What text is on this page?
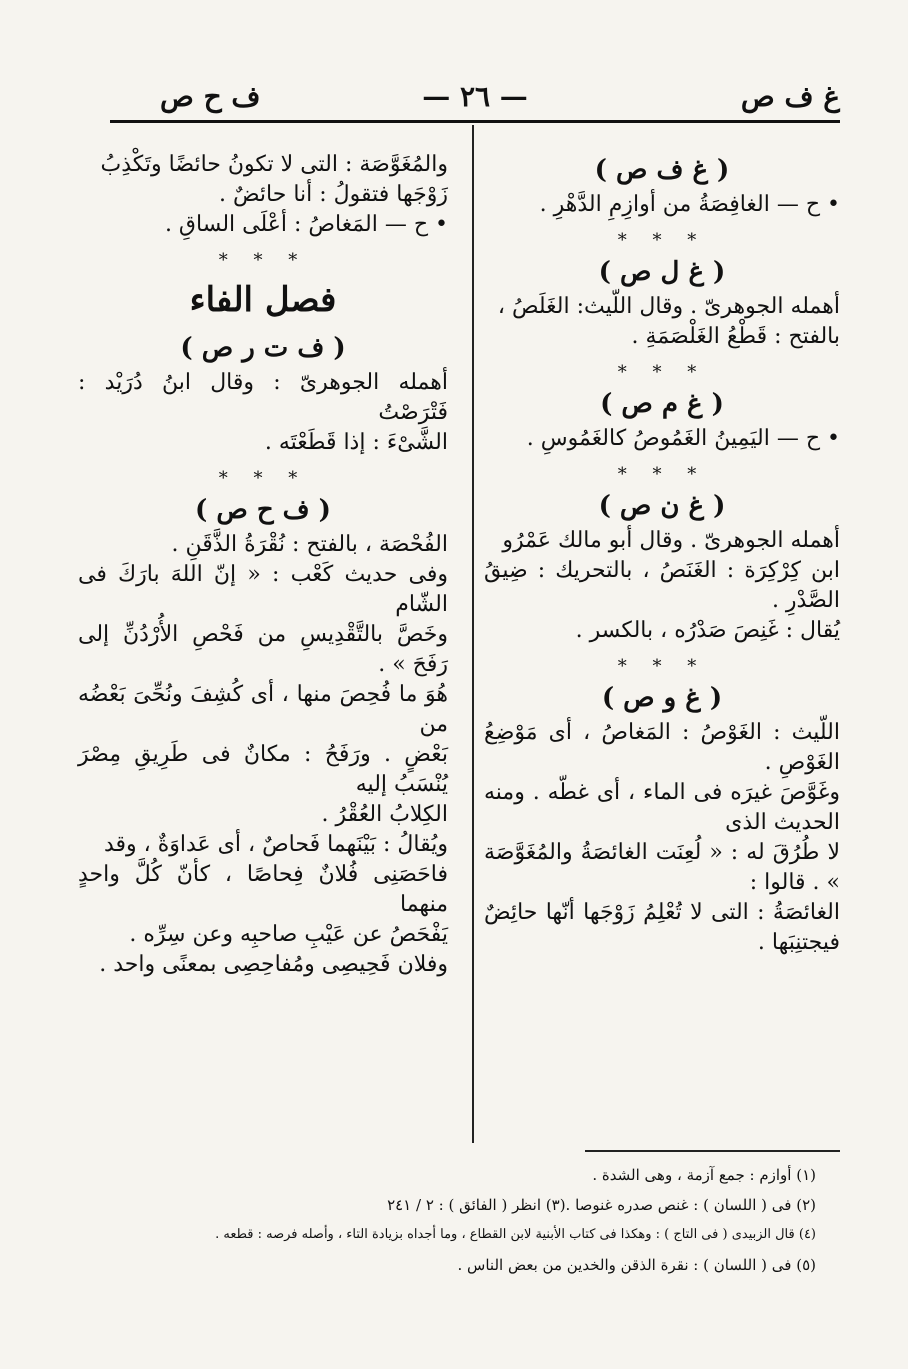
غ ف ص
— ٢٦ —
ف ح ص

( غ ف ص )

• ح — الغافِصَةُ من أوازِمِ الدَّهْرِ .

* * *

( غ ل ص )

أهمله الجوهرىّ . وقال اللّيث: الغَلَصُ ،

بالفتح : قَطْعُ الغَلْصَمَةِ .

* * *

( غ م ص )

• ح — اليَمِينُ الغَمُوصُ كالغَمُوسِ .

* * *

( غ ن ص )

أهمله الجوهرىّ . وقال أبو مالك عَمْرُو

ابن كِرْكِرَة : الغَنَصُ ، بالتحريك : ضِيقُ الصَّدْرِ .

يُقال : غَنِصَ صَدْرُه ، بالكسر .

* * *

( غ و ص )

اللّيث : الغَوْصُ : المَغاصُ ، أى مَوْضِعُ الغَوْصِ .

وغَوَّصَ غيرَه فى الماء ، أى غطّه . ومنه الحديث الذى

لا طُرُقَ له : « لُعِنَت الغائصَةُ والمُغَوَّصَة » . قالوا :

الغائصَةُ : التى لا تُعْلِمُ زَوْجَها أنّها حائِضٌ فيجتنِبَها .

والمُغَوَّصَة : التى لا تكونُ حائضًا وتَكْذِبُ

زَوْجَها فتقولُ : أنا حائضٌ .

• ح — المَغاصُ : أعْلَى الساقِ .

* * *

فصل الفاء

( ف ت ر ص )

أهمله الجوهرىّ : وقال ابنُ دُرَيْد : فَتْرَصْتُ

الشَّىْءَ : إذا قَطَعْتَه .

* * *

( ف ح ص )

الفُحْصَة ، بالفتح : نُقْرَةُ الذَّقَنِ .

وفى حديث كَعْب : « إنّ اللهَ بارَكَ فى الشّام

وخَصَّ بالتَّقْدِيسِ من فَحْصِ الأُرْدُنِّ إلى رَفَحَ » .

هُوَ ما فُحِصَ منها ، أى كُشِفَ ونُحِّىَ بَعْضُه من

بَعْضٍ . ورَفَحُ : مكانٌ فى طَرِيقِ مِصْرَ يُنْسَبُ إليه

الكِلابُ العُقْرُ .

ويُقالُ : بَيْنَهما فَحاصٌ ، أى عَداوَةٌ ، وقد

فاحَصَنِى فُلانٌ فِحاصًا ، كأنّ كُلَّ واحدٍ منهما

يَفْحَصُ عن عَيْبِ صاحبِه وعن سِرِّه .

وفلان فَحِيصِى ومُفاحِصِى بمعنًى واحد .

(١) أوازم : جمع آزمة ، وهى الشدة .

(٢) فى ( اللسان ) : غنص صدره غنوصا .

(٣) انظر ( الفائق ) : ٢ / ٢٤١

(٤) قال الزبيدى ( فى التاج ) : وهكذا فى كتاب الأبنية لابن القطاع ، وما أجداه بزيادة التاء ، وأصله فرصه : قطعه .

(٥) فى ( اللسان ) : نقرة الذقن والخدين من بعض الناس .
